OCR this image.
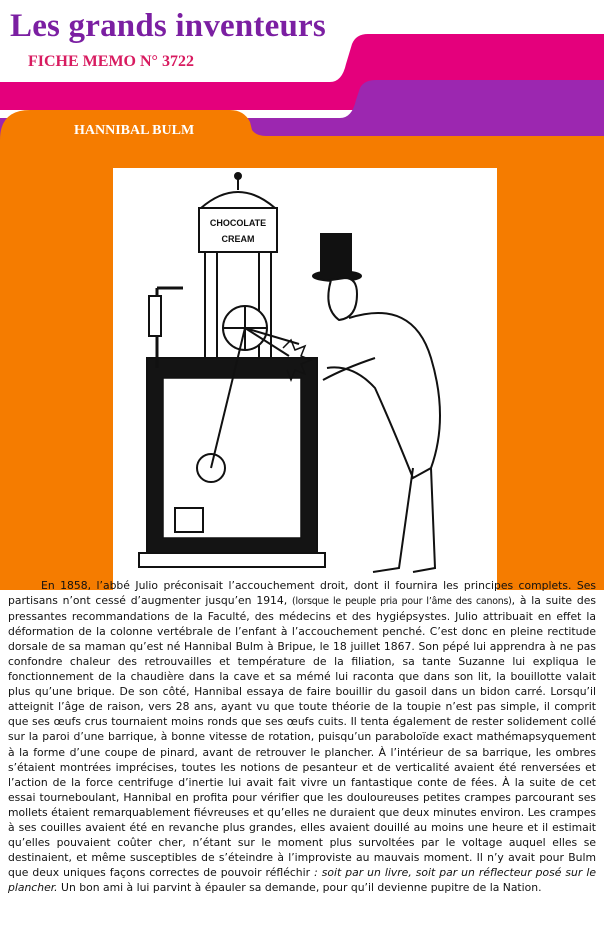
Les grands inventeurs
FICHE MEMO N° 3722
HANNIBAL BULM
CHOCOLATE
CREAM

En 1858, l’abbé Julio préconisait l’accouchement droit, dont il fournira les principes complets. Ses partisans n’ont cessé d’augmenter jusqu’en 1914, (lorsque le peuple pria pour l’âme des canons), à la suite des pressantes recommandations de la Faculté, des médecins et des hygiépsystes. Julio attribuait en effet la déformation de la colonne vertébrale de l’enfant à l’accouchement penché. C’est donc en pleine rectitude dorsale de sa maman qu’est né Hannibal Bulm à Bripue, le 18 juillet 1867. Son pépé lui apprendra à ne pas confondre chaleur des retrouvailles et température de la filiation, sa tante Suzanne lui expliqua le fonctionnement de la chaudière dans la cave et sa mémé lui raconta que dans son lit, la bouillotte valait plus qu’une brique. De son côté, Hannibal essaya de faire bouillir du gasoil dans un bidon carré. Lorsqu’il atteignit l’âge de raison, vers 28 ans, ayant vu que toute théorie de la toupie n’est pas simple, il comprit que ses œufs crus tournaient moins ronds que ses œufs cuits. Il tenta également de rester solidement collé sur la paroi d’une barrique, à bonne vitesse de rotation, puisqu’un paraboloïde exact mathémapsyquement à la forme d’une coupe de pinard, avant de retrouver le plancher. À l’intérieur de sa barrique, les ombres s’étaient montrées imprécises, toutes les notions de pesanteur et de verticalité avaient été renversées et l’action de la force centrifuge d’inertie lui avait fait vivre un fantastique conte de fées. À la suite de cet essai tourneboulant, Hannibal en profita pour vérifier que les douloureuses petites crampes parcourant ses mollets étaient remarquablement fiévreuses et qu’elles ne duraient que deux minutes environ. Les crampes à ses couilles avaient été en revanche plus grandes, elles avaient douillé au moins une heure et il estimait qu’elles pouvaient coûter cher, n’étant sur le moment plus survoltées par le voltage auquel elles se destinaient, et même susceptibles de s’éteindre à l’improviste au mauvais moment. Il n’y avait pour Bulm que deux uniques façons correctes de pouvoir réfléchir : soit par un livre, soit par un réflecteur posé sur le plancher. Un bon ami à lui parvint à épauler sa demande, pour qu’il devienne pupitre de la Nation.
